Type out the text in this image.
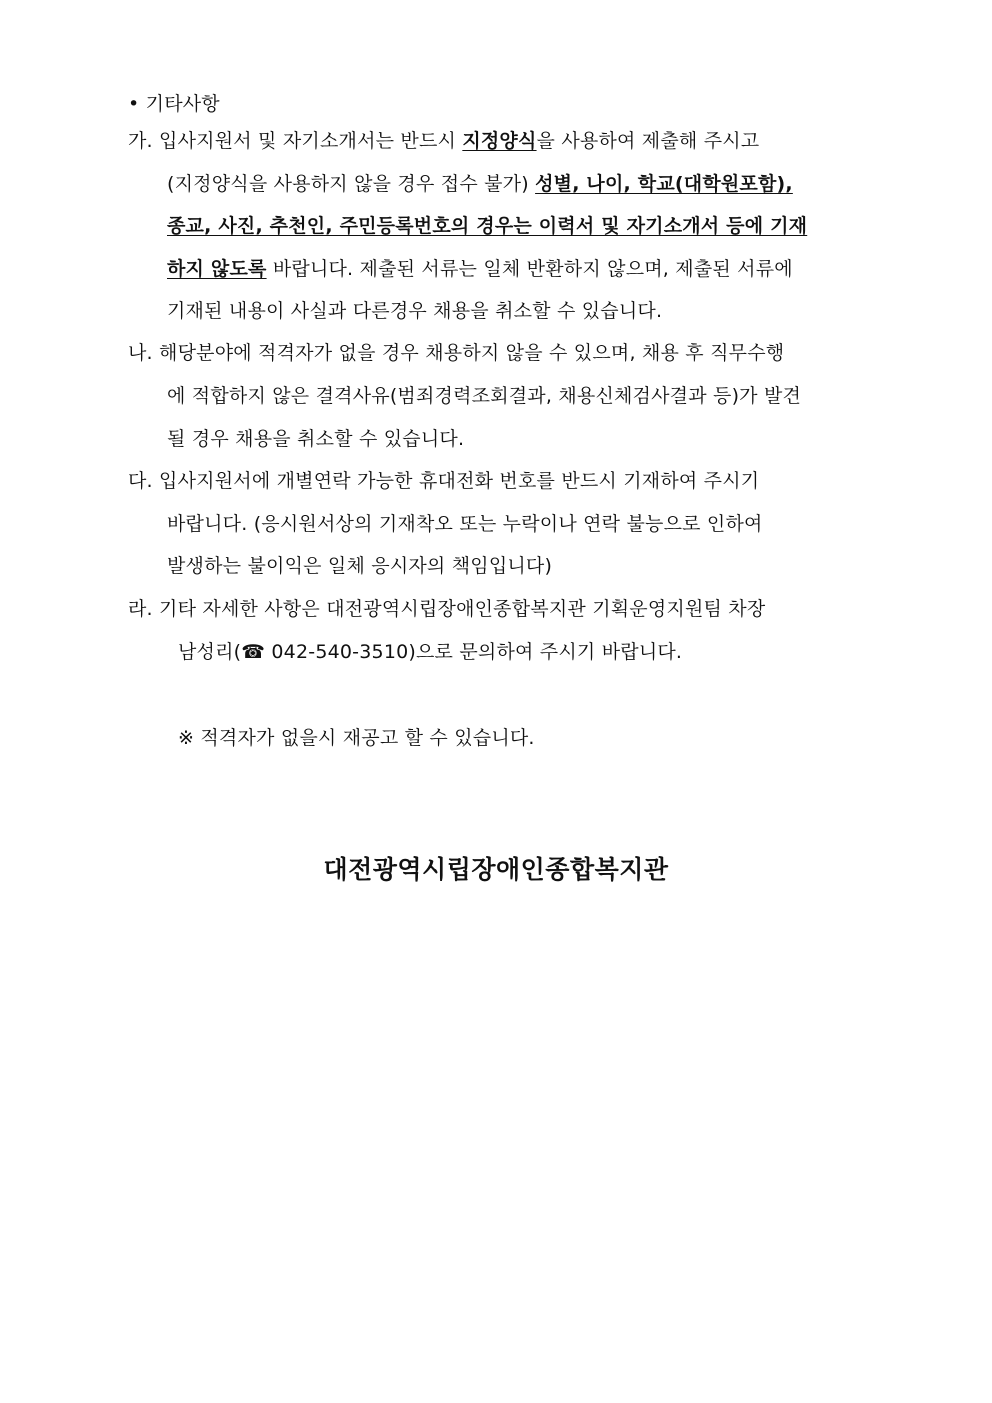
• 기타사항
가. 입사지원서 및 자기소개서는 반드시 지정양식을 사용하여 제출해 주시고
(지정양식을 사용하지 않을 경우 접수 불가) 성별, 나이, 학교(대학원포함),
종교, 사진, 추천인, 주민등록번호의 경우는 이력서 및 자기소개서 등에 기재
하지 않도록 바랍니다. 제출된 서류는 일체 반환하지 않으며, 제출된 서류에
기재된 내용이 사실과 다른경우 채용을 취소할 수 있습니다.
나. 해당분야에 적격자가 없을 경우 채용하지 않을 수 있으며, 채용 후 직무수행
에 적합하지 않은 결격사유(범죄경력조회결과, 채용신체검사결과 등)가 발견
될 경우 채용을 취소할 수 있습니다.
다. 입사지원서에 개별연락 가능한 휴대전화 번호를 반드시 기재하여 주시기
바랍니다. (응시원서상의 기재착오 또는 누락이나 연락 불능으로 인하여
발생하는 불이익은 일체 응시자의 책임입니다)
라. 기타 자세한 사항은 대전광역시립장애인종합복지관 기획운영지원팀 차장
남성리(☎ 042-540-3510)으로 문의하여 주시기 바랍니다.
※ 적격자가 없을시 재공고 할 수 있습니다.
대전광역시립장애인종합복지관
